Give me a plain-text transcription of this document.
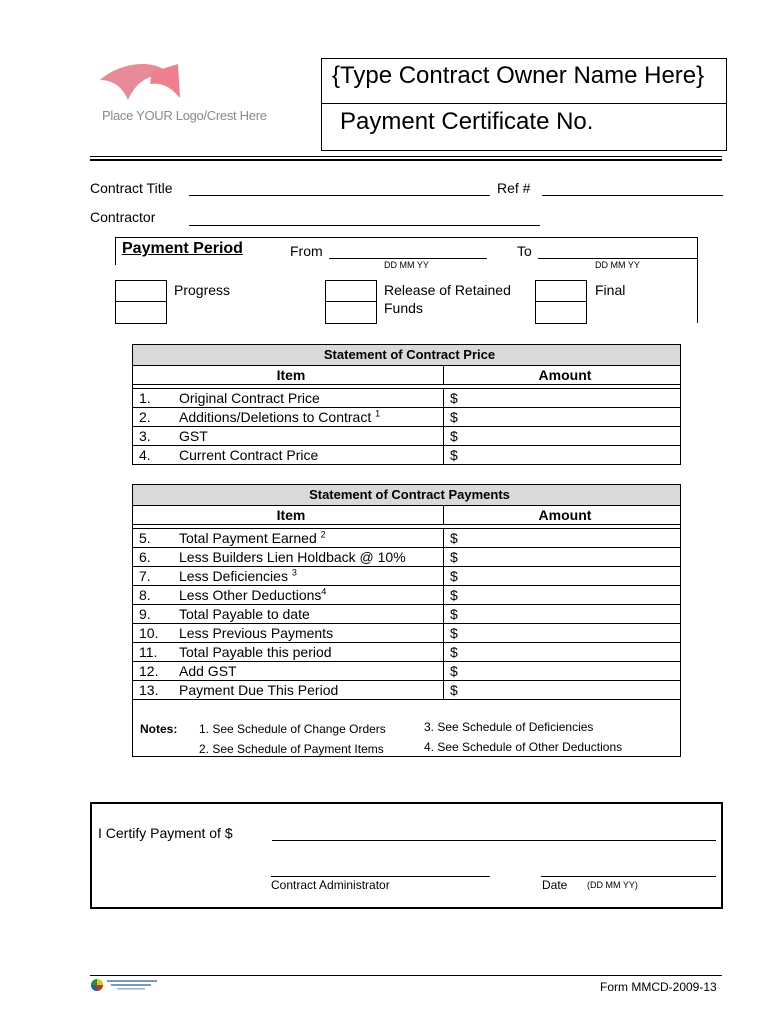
Place YOUR Logo/Crest Here
{Type Contract Owner Name Here}
Payment Certificate No.
Contract Title	Ref #
Contractor
Payment Period	From
DD MM YY
To
DD MM YY
Progress	Release of Retained
Funds
Final
Statement of Contract Price	
Item	Amount

1. Original Contract Price	$
2. Additions/Deletions to Contract $^1$	$
3. GST	$
4. Current Contract Price	$
Statement of Contract Payments	
Item	Amount

5. Total Payment Earned $^2$	$
6. Less Builders Lien Holdback @ 10%	$
7. Less Deficiencies $^3$	$
8. Less Other Deductions$^4$	$
9. Total Payable to date	$
10. Less Previous Payments	$
11. Total Payable this period	$
12. Add GST	$
13. Payment Due This Period	$

Notes: 1. See Schedule of Change Orders
2. See Schedule of Payment Items
3. See Schedule of Deficiencies
4. See Schedule of Other Deductions	
I Certify Payment of $
Contract Administrator	Date (DD MM YY)
Form MMCD-2009-13
